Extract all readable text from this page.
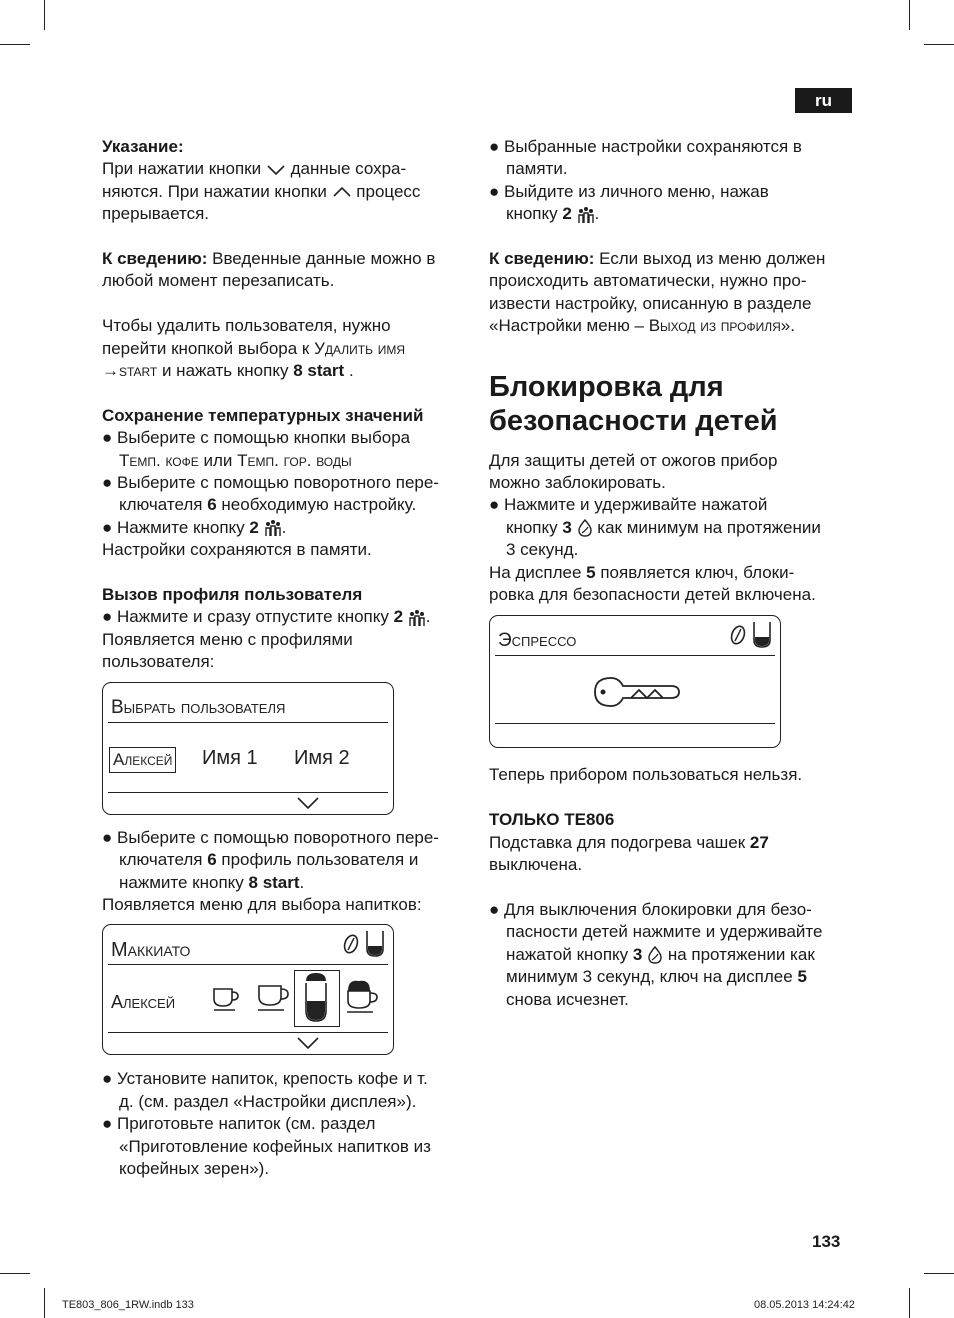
ru

Указание:

При нажатии кнопки данные сохра-

няются. При нажатии кнопки процесс

прерывается.

К сведению: Введенные данные можно в

любой момент перезаписать.

Чтобы удалить пользователя, нужно

перейти кнопкой выбора к Удалить имя

→start и нажать кнопку 8 start .

Сохранение температурных значений

● Выберите с помощью кнопки выбора

Темп. кофе или Темп. гор. воды

● Выберите с помощью поворотного пере-

ключателя 6 необходимую настройку.

● Нажмите кнопку 2 .

Настройки сохраняются в памяти.

Вызов профиля пользователя

● Нажмите и сразу отпустите кнопку 2 .

Появляется меню с профилями

пользователя:

Выбрать пользователя
Алексей Имя 1 Имя 2

● Выберите с помощью поворотного пере-

ключателя 6 профиль пользователя и

нажмите кнопку 8 start.

Появляется меню для выбора напитков:

Маккиато
Алексей

● Установите напиток, крепость кофе и т.

д. (см. раздел «Настройки дисплея»).

● Приготовьте напиток (см. раздел

«Приготовление кофейных напитков из

кофейных зерен»).

● Выбранные настройки сохраняются в

памяти.

● Выйдите из личного меню, нажав

кнопку 2 .

К сведению: Если выход из меню должен

происходить автоматически, нужно про-

извести настройку, описанную в разделе

«Настройки меню – Выход из профиля».

Блокировка для
безопасности детей

Для защиты детей от ожогов прибор

можно заблокировать.

● Нажмите и удерживайте нажатой

кнопку 3  как минимум на протяжении

3 секунд.

На дисплее 5 появляется ключ, блоки-

ровка для безопасности детей включена.

Эспрессо

Теперь прибором пользоваться нельзя.

ТОЛЬКО TE806

Подставка для подогрева чашек 27

выключена.

● Для выключения блокировки для безо-

пасности детей нажмите и удерживайте

нажатой кнопку 3  на протяжении как

минимум 3 секунд, ключ на дисплее 5

снова исчезнет.

133
TE803_806_1RW.indb 133	08.05.2013 14:24:42
